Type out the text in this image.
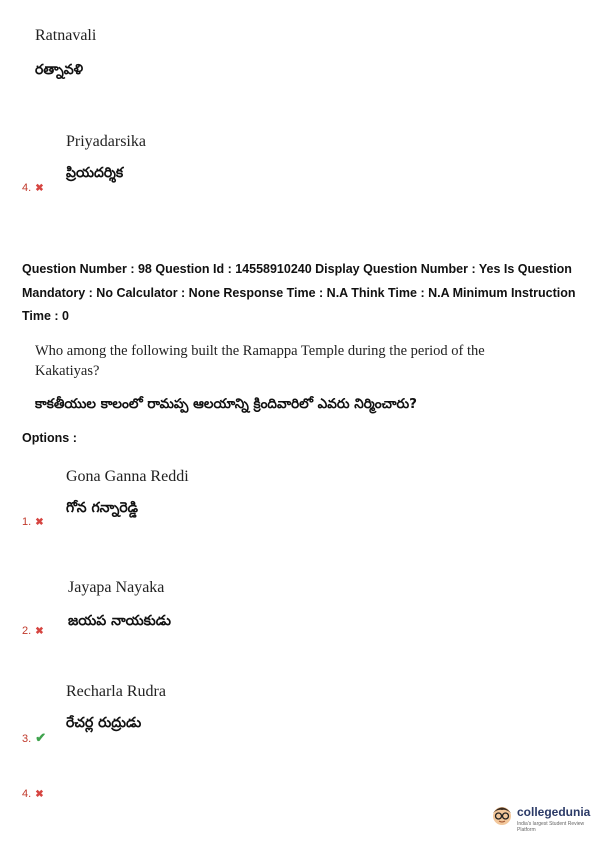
Ratnavali
రత్నావళి
Priyadarsika
ప్రియదర్శిక
4. ✖
Question Number : 98 Question Id : 14558910240 Display Question Number : Yes Is Question
Mandatory : No Calculator : None Response Time : N.A Think Time : N.A Minimum Instruction
Time : 0
Who among the following built the Ramappa Temple during the period of the
Kakatiyas?
కాకతీయుల కాలంలో రామప్ప ఆలయాన్ని క్రిందివారిలో ఎవరు నిర్మించారు?
Options :
Gona Ganna Reddi
గోన గన్నారెడ్డి
1. ✖
Jayapa Nayaka
జయప నాయకుడు
2. ✖
Recharla Rudra
రేచర్ల రుద్రుడు
3. ✔
4. ✖
collegedunia
India's largest Student Review Platform
